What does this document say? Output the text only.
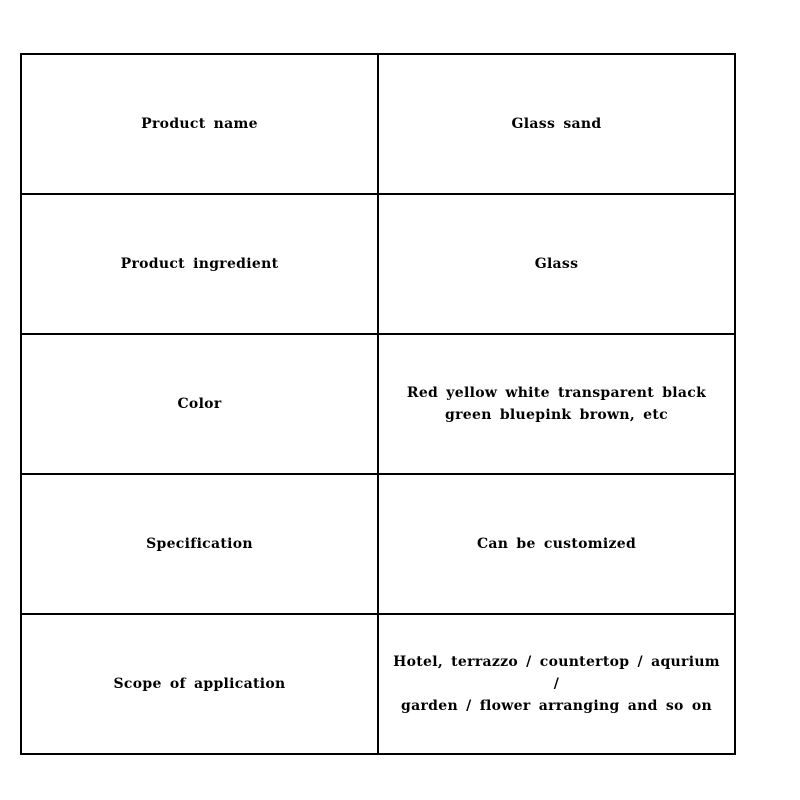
Product name	Glass sand
Product ingredient	Glass
Color	Red yellow white transparent black
green bluepink brown, etc
Specification	Can be customized
Scope of application	Hotel, terrazzo / countertop / aqurium /
garden / flower arranging and so on
